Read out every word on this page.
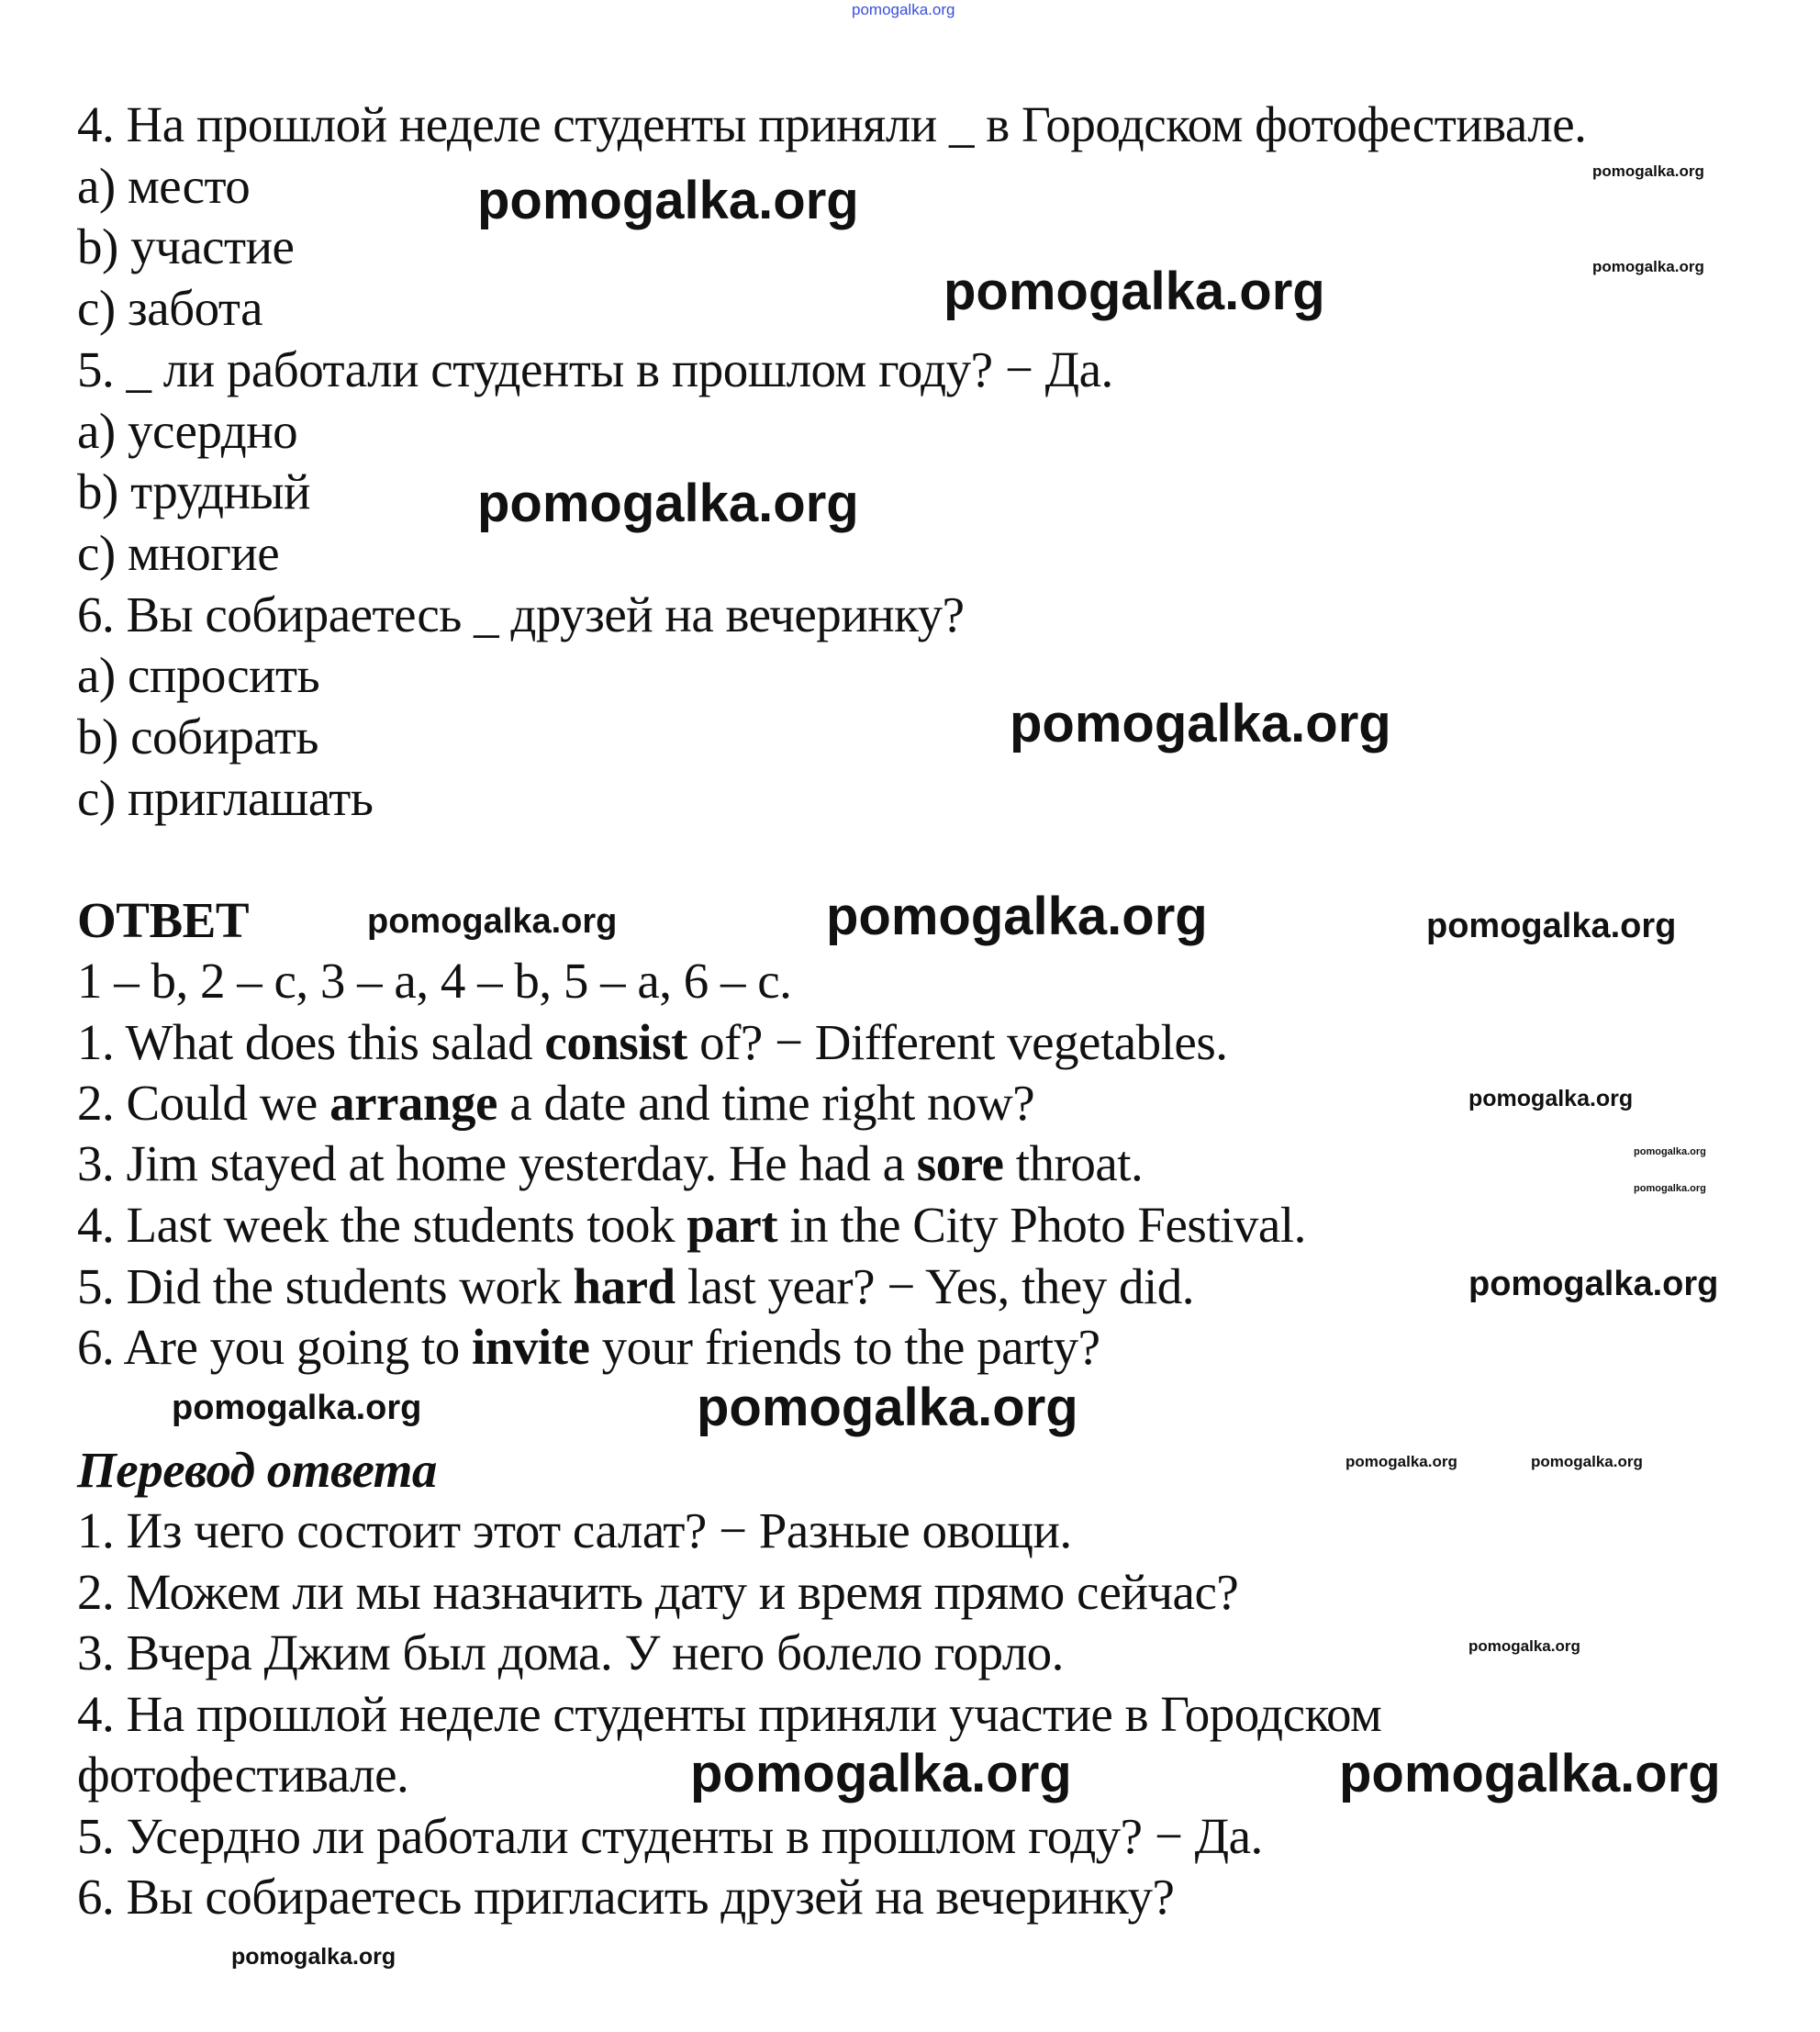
4. На прошлой неделе студенты приняли _ в Городском фотофестивале.
a) место
b) участие
c) забота
5. _ ли работали студенты в прошлом году? − Да.
a) усердно
b) трудный
c) многие
6. Вы собираетесь _ друзей на вечеринку?
a) спросить
b) собирать
c) приглашать
ОТВЕТ
1 – b, 2 – c, 3 – a, 4 – b, 5 – a, 6 – c.
1. What does this salad consist of? − Different vegetables.
2. Could we arrange a date and time right now?
3. Jim stayed at home yesterday. He had a sore throat.
4. Last week the students took part in the City Photo Festival.
5. Did the students work hard last year? − Yes, they did.
6. Are you going to invite your friends to the party?
Перевод ответа
1. Из чего состоит этот салат? − Разные овощи.
2. Можем ли мы назначить дату и время прямо сейчас?
3. Вчера Джим был дома. У него болело горло.
4. На прошлой неделе студенты приняли участие в Городском
фотофестивале.
5. Усердно ли работали студенты в прошлом году? − Да.
6. Вы собираетесь пригласить друзей на вечеринку?
pomogalka.org
pomogalka.org	pomogalka.org
pomogalka.org
pomogalka.org
pomogalka.org
pomogalka.org
pomogalka.org	pomogalka.org	pomogalka.org
pomogalka.org
pomogalka.org
pomogalka.org
pomogalka.org
pomogalka.org
pomogalka.org
pomogalka.org	pomogalka.org
pomogalka.org
pomogalka.org	pomogalka.org
pomogalka.org
